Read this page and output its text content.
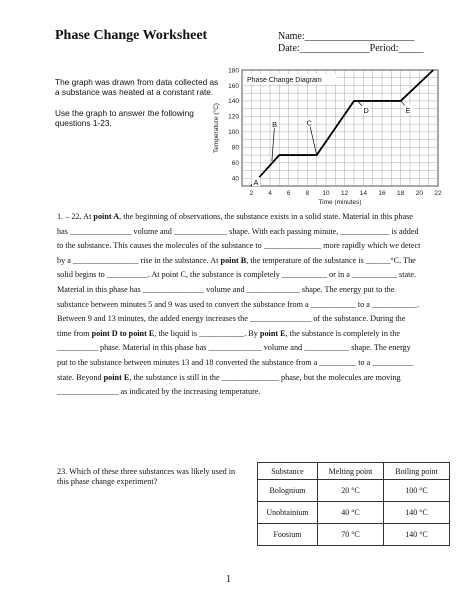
Phase Change Worksheet	Name:______________________
Date:______________Period:_____
The graph was drawn from data collected as a substance was heated at a constant rate.
Use the graph to answer the following questions 1-23.
2 4 6 8 10 12 14 16 18 20 22
40
60
80
100
120
140
160
180
Time (minutes)
Temperature (°C)
Phase Change Diagram
A
B	C
D	E
1. – 22. At point A, the beginning of observations, the substance exists in a solid state. Material in this phase has _______________ volume and _____________ shape. With each passing minute, ____________ is added to the substance. This causes the molecules of the substance to ______________ more rapidly which we detect by a ________________ rise in the substance. At point B, the temperature of the substance is ______°C. The solid begins to __________. At point C, the substance is completely ___________ or in a ___________ state. Material in this phase has _______________ volume and _____________ shape. The energy put to the substance between minutes 5 and 9 was used to convert the substance from a ___________ to a ___________. Between 9 and 13 minutes, the added energy increases the _______________ of the substance. During the time from point D to point E, the liquid is ___________. By point E, the substance is completely in the __________ phase. Material in this phase has _____________ volume and ___________ shape. The energy put to the substance between minutes 13 and 18 converted the substance from a _________ to a __________ state. Beyond point E, the substance is still in the ______________ phase, but the molecules are moving _______________ as indicated by the increasing temperature.
23. Which of these three substances was likely used in this phase change experiment?
Substance	Melting point	Boiling point
Bolognium	20 °C	100 °C
Unobtainium	40 °C	140 °C
Foosium	70 °C	140 °C
1
